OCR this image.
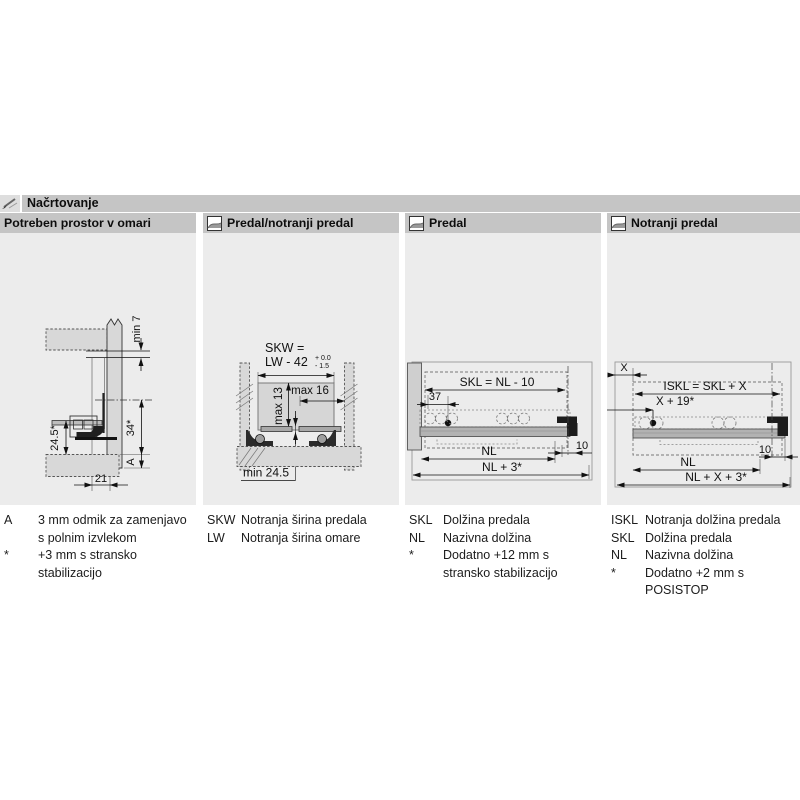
Načrtovanje
Potreben prostor v omari
min 7
24.5*	34*
A
21
Predal/notranji predal
SKW =
LW - 42 + 0.0
- 1.5
max 16
max 13
min 24.5
Predal
SKL = NL - 10
37
10
NL
NL + 3*
Notranji predal
X
ISKL = SKL + X
X + 19*
10
NL
NL + X + 3*
A	3 mm odmik za zamenjavo s polnim izvlekom
*	+3 mm s stransko stabilizacijo
SKW Notranja širina predala
LW	Notranja širina omare
SKL Dolžina predala
NL	Nazivna dolžina
*	Dodatno +12 mm s stransko stabilizacijo
ISKL Notranja dolžina predala
SKL Dolžina predala
NL	Nazivna dolžina
*	Dodatno +2 mm s POSISTOP
